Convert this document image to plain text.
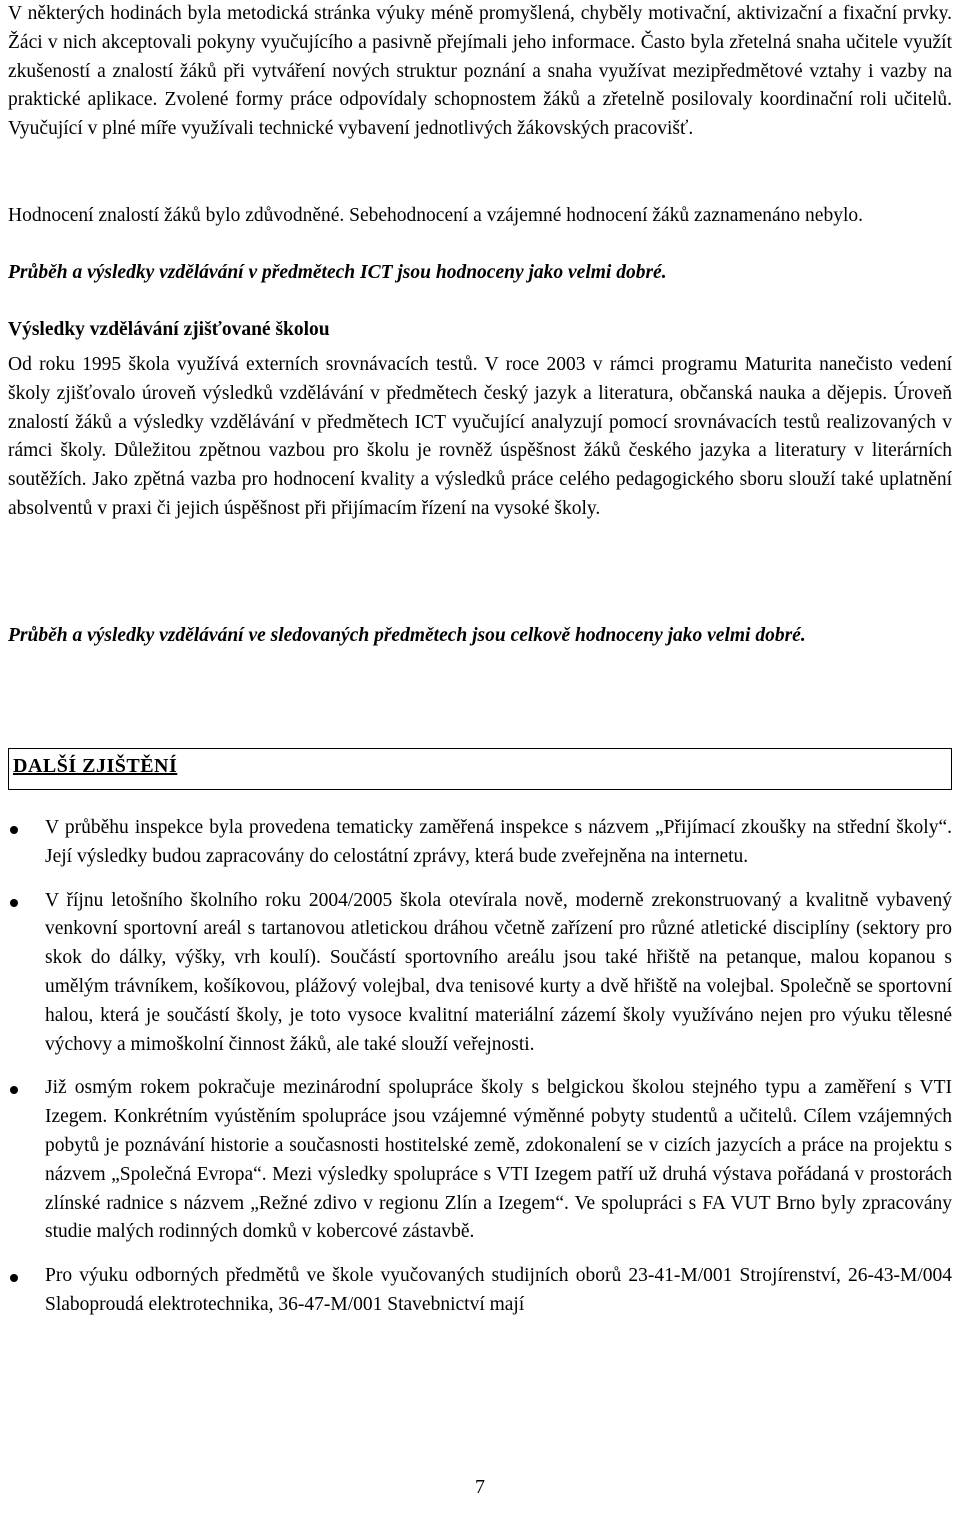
V některých hodinách byla metodická stránka výuky méně promyšlená, chyběly motivační, aktivizační a fixační prvky. Žáci v nich akceptovali pokyny vyučujícího a pasivně přejímali jeho informace. Často byla zřetelná snaha učitele využít zkušeností a znalostí žáků při vytváření nových struktur poznání a snaha využívat mezipředmětové vztahy i vazby na praktické aplikace. Zvolené formy práce odpovídaly schopnostem žáků a zřetelně posilovaly koordinační roli učitelů. Vyučující v plné míře využívali technické vybavení jednotlivých žákovských pracovišť.

Hodnocení znalostí žáků bylo zdůvodněné. Sebehodnocení a vzájemné hodnocení žáků zaznamenáno nebylo.

Průběh a výsledky vzdělávání v předmětech ICT jsou hodnoceny jako velmi dobré.

Výsledky vzdělávání zjišťované školou

Od roku 1995 škola využívá externích srovnávacích testů. V roce 2003 v rámci programu Maturita nanečisto vedení školy zjišťovalo úroveň výsledků vzdělávání v předmětech český jazyk a literatura, občanská nauka a dějepis. Úroveň znalostí žáků a výsledky vzdělávání v předmětech ICT vyučující analyzují pomocí srovnávacích testů realizovaných v rámci školy. Důležitou zpětnou vazbou pro školu je rovněž úspěšnost žáků českého jazyka a literatury v literárních soutěžích. Jako zpětná vazba pro hodnocení kvality a výsledků práce celého pedagogického sboru slouží také uplatnění absolventů v praxi či jejich úspěšnost při přijímacím řízení na vysoké školy.

Průběh a výsledky vzdělávání ve sledovaných předmětech jsou celkově hodnoceny jako velmi dobré.

DALŠÍ ZJIŠTĚNÍ

V průběhu inspekce byla provedena tematicky zaměřená inspekce s názvem „Přijímací zkoušky na střední školy“. Její výsledky budou zapracovány do celostátní zprávy, která bude zveřejněna na internetu.

V říjnu letošního školního roku 2004/2005 škola otevírala nově, moderně zrekonstruovaný a kvalitně vybavený venkovní sportovní areál s tartanovou atletickou dráhou včetně zařízení pro různé atletické disciplíny (sektory pro skok do dálky, výšky, vrh koulí). Součástí sportovního areálu jsou také hřiště na petanque, malou kopanou s umělým trávníkem, košíkovou, plážový volejbal, dva tenisové kurty a dvě hřiště na volejbal. Společně se sportovní halou, která je součástí školy, je toto vysoce kvalitní materiální zázemí školy využíváno nejen pro výuku tělesné výchovy a mimoškolní činnost žáků, ale také slouží veřejnosti.

Již osmým rokem pokračuje mezinárodní spolupráce školy s belgickou školou stejného typu a zaměření s VTI Izegem. Konkrétním vyústěním spolupráce jsou vzájemné výměnné pobyty studentů a učitelů. Cílem vzájemných pobytů je poznávání historie a současnosti hostitelské země, zdokonalení se v cizích jazycích a práce na projektu s názvem „Společná Evropa“. Mezi výsledky spolupráce s VTI Izegem patří už druhá výstava pořádaná v prostorách zlínské radnice s názvem „Režné zdivo v regionu Zlín a Izegem“. Ve spolupráci s FA VUT Brno byly zpracovány studie malých rodinných domků v kobercové zástavbě.

Pro výuku odborných předmětů ve škole vyučovaných studijních oborů 23-41-M/001 Strojírenství, 26-43-M/004 Slaboproudá elektrotechnika, 36-47-M/001 Stavebnictví mají

7
